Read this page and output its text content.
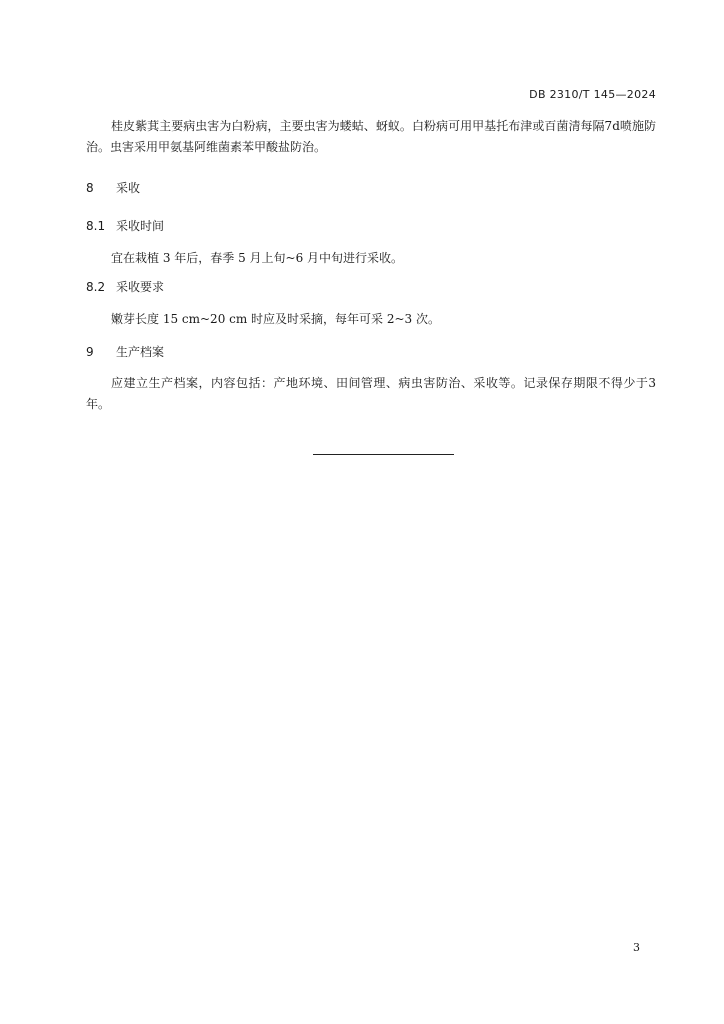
DB 2310/T 145—2024

桂皮紫萁主要病虫害为白粉病，主要虫害为蝼蛄、蚜蚁。白粉病可用甲基托布津或百菌清每隔7d喷施防治。虫害采用甲氨基阿维菌素苯甲酸盐防治。

8 采收
8.1 采收时间

宜在栽植 3 年后，春季 5 月上旬~6 月中旬进行采收。

8.2 采收要求

嫩芽长度 15 cm~20 cm 时应及时采摘，每年可采 2~3 次。

9 生产档案

应建立生产档案，内容包括：产地环境、田间管理、病虫害防治、采收等。记录保存期限不得少于3年。

3
